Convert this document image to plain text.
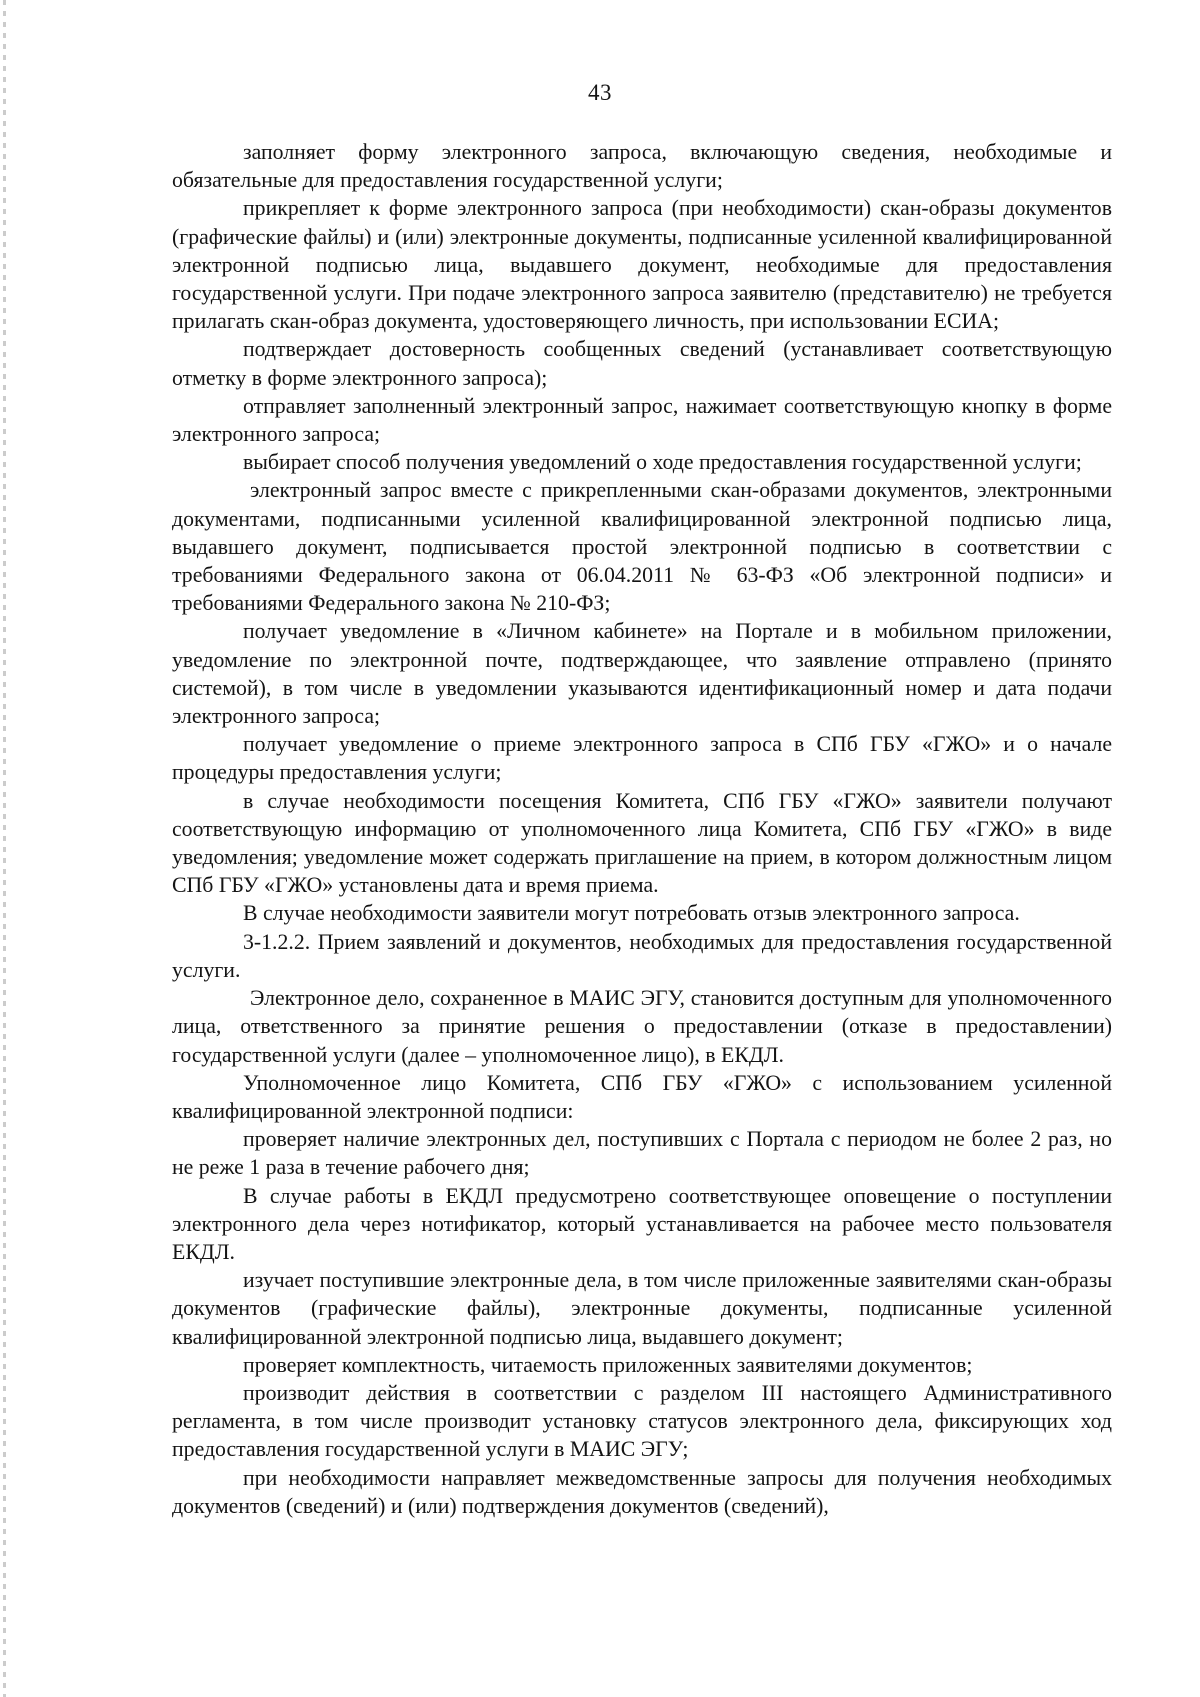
43

заполняет форму электронного запроса, включающую сведения, необходимые и обязательные для предоставления государственной услуги;

прикрепляет к форме электронного запроса (при необходимости) скан-образы документов (графические файлы) и (или) электронные документы, подписанные усиленной квалифицированной электронной подписью лица, выдавшего документ, необходимые для предоставления государственной услуги. При подаче электронного запроса заявителю (представителю) не требуется прилагать скан-образ документа, удостоверяющего личность, при использовании ЕСИА;

подтверждает достоверность сообщенных сведений (устанавливает соответствующую отметку в форме электронного запроса);

отправляет заполненный электронный запрос, нажимает соответствующую кнопку в форме электронного запроса;

выбирает способ получения уведомлений о ходе предоставления государственной услуги;

электронный запрос вместе с прикрепленными скан-образами документов, электронными документами, подписанными усиленной квалифицированной электронной подписью лица, выдавшего документ, подписывается простой электронной подписью в соответствии с требованиями Федерального закона от 06.04.2011 № 63-ФЗ «Об электронной подписи» и требованиями Федерального закона № 210-ФЗ;

получает уведомление в «Личном кабинете» на Портале и в мобильном приложении, уведомление по электронной почте, подтверждающее, что заявление отправлено (принято системой), в том числе в уведомлении указываются идентификационный номер и дата подачи электронного запроса;

получает уведомление о приеме электронного запроса в СПб ГБУ «ГЖО» и о начале процедуры предоставления услуги;

в случае необходимости посещения Комитета, СПб ГБУ «ГЖО» заявители получают соответствующую информацию от уполномоченного лица Комитета, СПб ГБУ «ГЖО» в виде уведомления; уведомление может содержать приглашение на прием, в котором должностным лицом СПб ГБУ «ГЖО» установлены дата и время приема.

В случае необходимости заявители могут потребовать отзыв электронного запроса.

3-1.2.2. Прием заявлений и документов, необходимых для предоставления государственной услуги.

Электронное дело, сохраненное в МАИС ЭГУ, становится доступным для уполномоченного лица, ответственного за принятие решения о предоставлении (отказе в предоставлении) государственной услуги (далее – уполномоченное лицо), в ЕКДЛ.

Уполномоченное лицо Комитета, СПб ГБУ «ГЖО» с использованием усиленной квалифицированной электронной подписи:

проверяет наличие электронных дел, поступивших с Портала с периодом не более 2 раз, но не реже 1 раза в течение рабочего дня;

В случае работы в ЕКДЛ предусмотрено соответствующее оповещение о поступлении электронного дела через нотификатор, который устанавливается на рабочее место пользователя ЕКДЛ.

изучает поступившие электронные дела, в том числе приложенные заявителями скан-образы документов (графические файлы), электронные документы, подписанные усиленной квалифицированной электронной подписью лица, выдавшего документ;

проверяет комплектность, читаемость приложенных заявителями документов;

производит действия в соответствии с разделом III настоящего Административного регламента, в том числе производит установку статусов электронного дела, фиксирующих ход предоставления государственной услуги в МАИС ЭГУ;

при необходимости направляет межведомственные запросы для получения необходимых документов (сведений) и (или) подтверждения документов (сведений),
